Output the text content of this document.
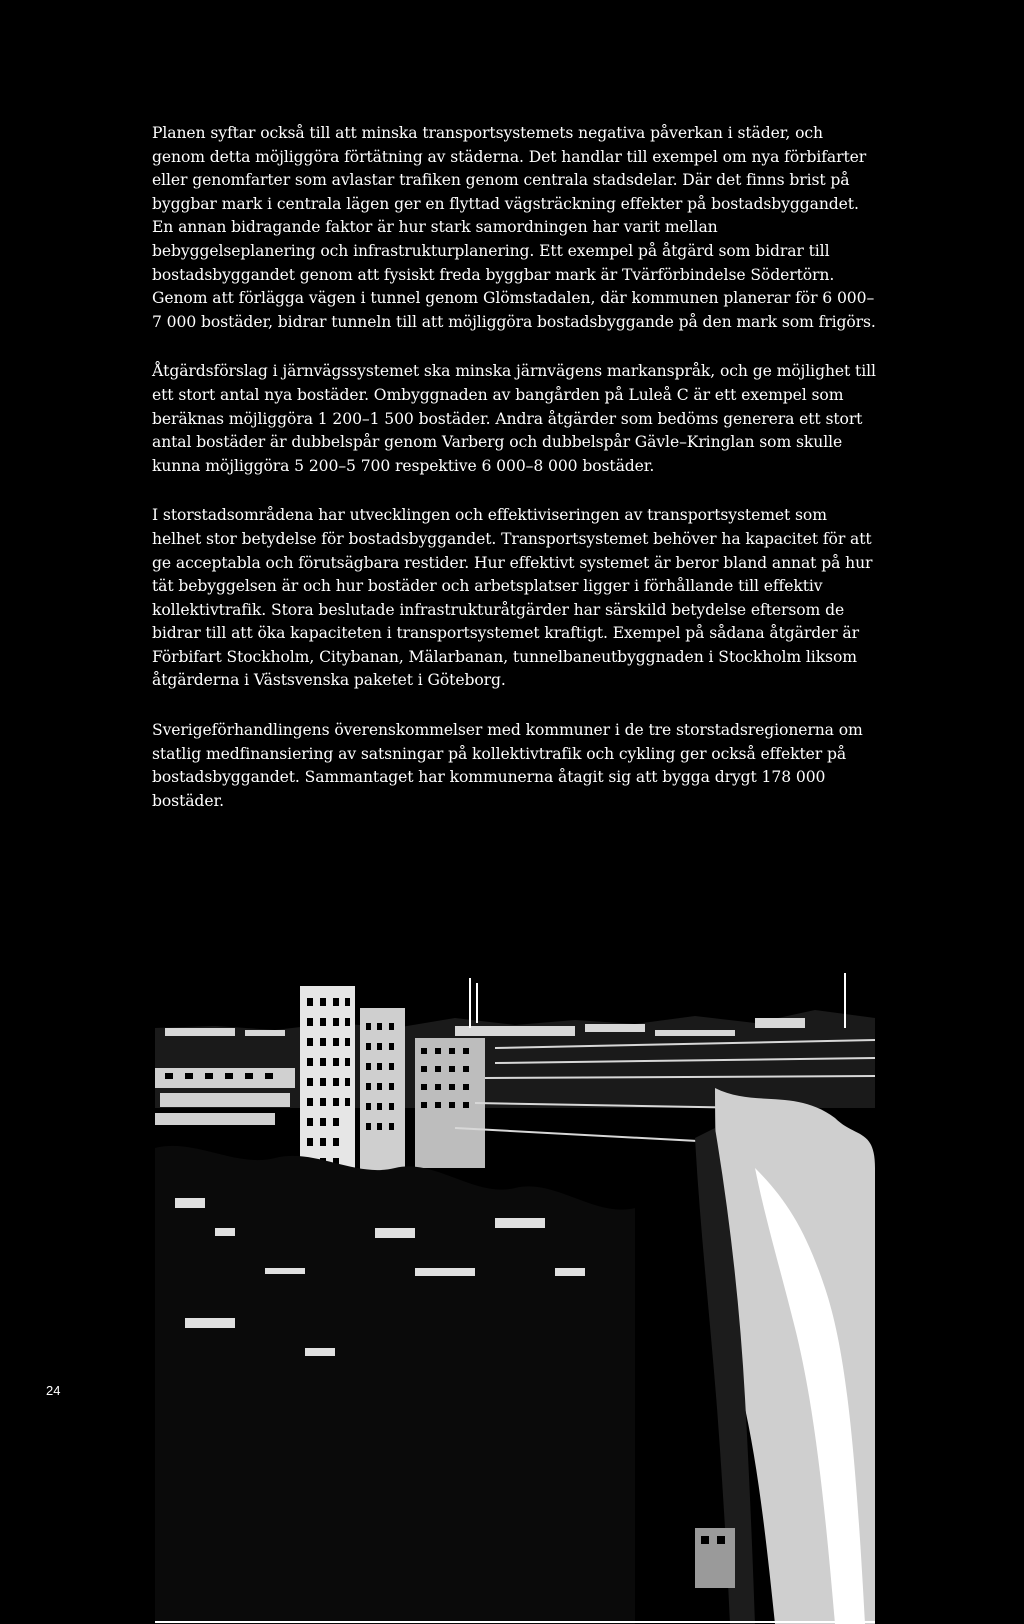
Planen syftar också till att minska transportsystemets negativa påverkan i städer, och genom detta möjliggöra förtätning av städerna. Det handlar till exempel om nya förbifarter eller genomfarter som avlastar trafiken genom centrala stadsdelar. Där det finns brist på byggbar mark i centrala lägen ger en flyttad vägsträckning effekter på bostadsbyggandet. En annan bidragande faktor är hur stark samordningen har varit mellan bebyggelseplanering och infrastrukturplanering. Ett exempel på åtgärd som bidrar till bostadsbyggandet genom att fysiskt freda byggbar mark är Tvärförbindelse Södertörn. Genom att förlägga vägen i tunnel genom Glömstadalen, där kommunen planerar för 6 000–7 000 bostäder, bidrar tunneln till att möjliggöra bostadsbyggande på den mark som frigörs.

Åtgärdsförslag i järnvägssystemet ska minska järnvägens markanspråk, och ge möjlighet till ett stort antal nya bostäder. Ombyggnaden av bangården på Luleå C är ett exempel som beräknas möjliggöra 1 200–1 500 bostäder. Andra åtgärder som bedöms generera ett stort antal bostäder är dubbelspår genom Varberg och dubbelspår Gävle–Kringlan som skulle kunna möjliggöra 5 200–5 700 respektive 6 000–8 000 bostäder.

I storstadsområdena har utvecklingen och effektiviseringen av transportsystemet som helhet stor betydelse för bostadsbyggandet. Transportsystemet behöver ha kapacitet för att ge acceptabla och förutsägbara restider. Hur effektivt systemet är beror bland annat på hur tät bebyggelsen är och hur bostäder och arbetsplatser ligger i förhållande till effektiv kollektivtrafik. Stora beslutade infrastrukturåtgärder har särskild betydelse eftersom de bidrar till att öka kapaciteten i transportsystemet kraftigt. Exempel på sådana åtgärder är Förbifart Stockholm, Citybanan, Mälarbanan, tunnelbaneutbyggnaden i Stockholm liksom åtgärderna i Västsvenska paketet i Göteborg.

Sverigeförhandlingens överenskommelser med kommuner i de tre storstadsregionerna om statlig medfinansiering av satsningar på kollektivtrafik och cykling ger också effekter på bostadsbyggandet. Sammantaget har kommunerna åtagit sig att bygga drygt 178 000 bostäder.

24
